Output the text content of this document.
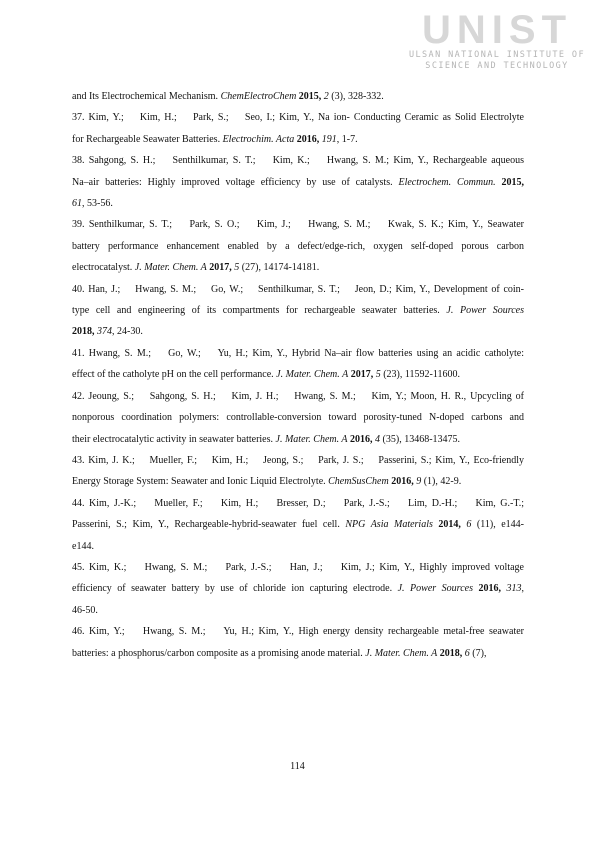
UNIST
ULSAN NATIONAL INSTITUTE OF
SCIENCE AND TECHNOLOGY
and Its Electrochemical Mechanism. ChemElectroChem 2015, 2 (3), 328-332.
37. Kim, Y.;    Kim, H.;    Park, S.;    Seo, I.; Kim, Y., Na ion- Conducting Ceramic as Solid Electrolyte
for Rechargeable Seawater Batteries. Electrochim. Acta 2016, 191, 1-7.
38. Sahgong, S. H.;    Senthilkumar, S. T.;    Kim, K.;    Hwang, S. M.; Kim, Y., Rechargeable aqueous
Na–air batteries: Highly improved voltage efficiency by use of catalysts. Electrochem. Commun. 2015,
61, 53-56.
39. Senthilkumar, S. T.;    Park, S. O.;    Kim, J.;    Hwang, S. M.;    Kwak, S. K.; Kim, Y., Seawater
battery performance enhancement enabled by a defect/edge-rich, oxygen self-doped porous carbon
electrocatalyst. J. Mater. Chem. A 2017, 5 (27), 14174-14181.
40. Han, J.;    Hwang, S. M.;    Go, W.;    Senthilkumar, S. T.;    Jeon, D.; Kim, Y., Development of coin-
type cell and engineering of its compartments for rechargeable seawater batteries. J. Power Sources
2018, 374, 24-30.
41. Hwang, S. M.;    Go, W.;    Yu, H.; Kim, Y., Hybrid Na–air flow batteries using an acidic catholyte:
effect of the catholyte pH on the cell performance. J. Mater. Chem. A 2017, 5 (23), 11592-11600.
42. Jeoung, S.;    Sahgong, S. H.;    Kim, J. H.;    Hwang, S. M.;    Kim, Y.; Moon, H. R., Upcycling of
nonporous coordination polymers: controllable-conversion toward porosity-tuned N-doped carbons and
their electrocatalytic activity in seawater batteries. J. Mater. Chem. A 2016, 4 (35), 13468-13475.
43. Kim, J. K.;    Mueller, F.;    Kim, H.;    Jeong, S.;    Park, J. S.;    Passerini, S.; Kim, Y., Eco-friendly
Energy Storage System: Seawater and Ionic Liquid Electrolyte. ChemSusChem 2016, 9 (1), 42-9.
44. Kim, J.-K.;    Mueller, F.;    Kim, H.;    Bresser, D.;    Park, J.-S.;    Lim, D.-H.;    Kim, G.-T.;
Passerini, S.; Kim, Y., Rechargeable-hybrid-seawater fuel cell. NPG Asia Materials 2014, 6 (11), e144-
e144.
45. Kim, K.;    Hwang, S. M.;    Park, J.-S.;    Han, J.;    Kim, J.; Kim, Y., Highly improved voltage
efficiency of seawater battery by use of chloride ion capturing electrode. J. Power Sources 2016, 313,
46-50.
46. Kim, Y.;    Hwang, S. M.;    Yu, H.; Kim, Y., High energy density rechargeable metal-free seawater
batteries: a phosphorus/carbon composite as a promising anode material. J. Mater. Chem. A 2018, 6 (7),
114
